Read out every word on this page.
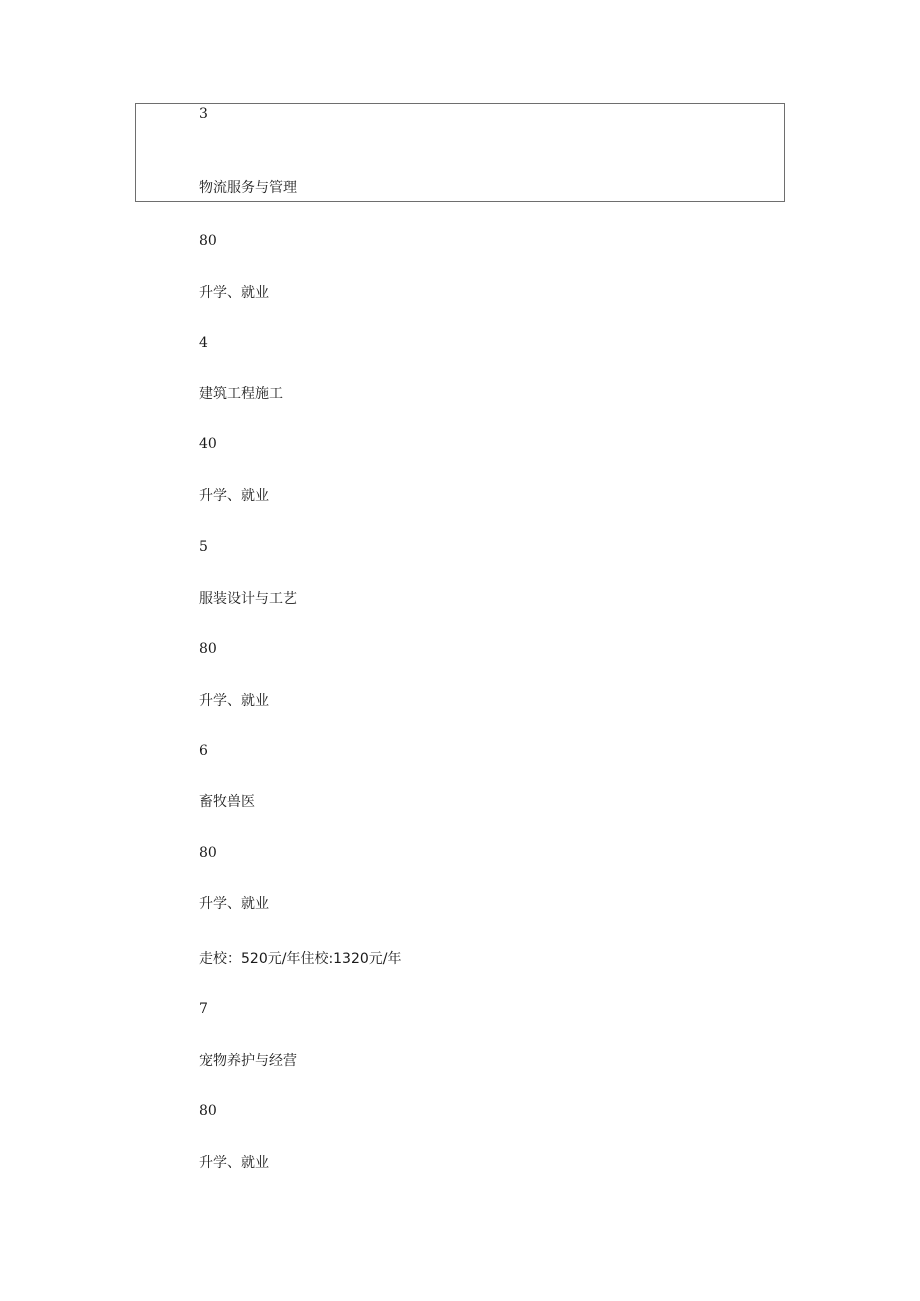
3
物流服务与管理
80
升学、就业
4
建筑工程施工
40
升学、就业
5
服装设计与工艺
80
升学、就业
6
畜牧兽医
80
升学、就业
走校：520元/年住校:1320元/年
7
宠物养护与经营
80
升学、就业
